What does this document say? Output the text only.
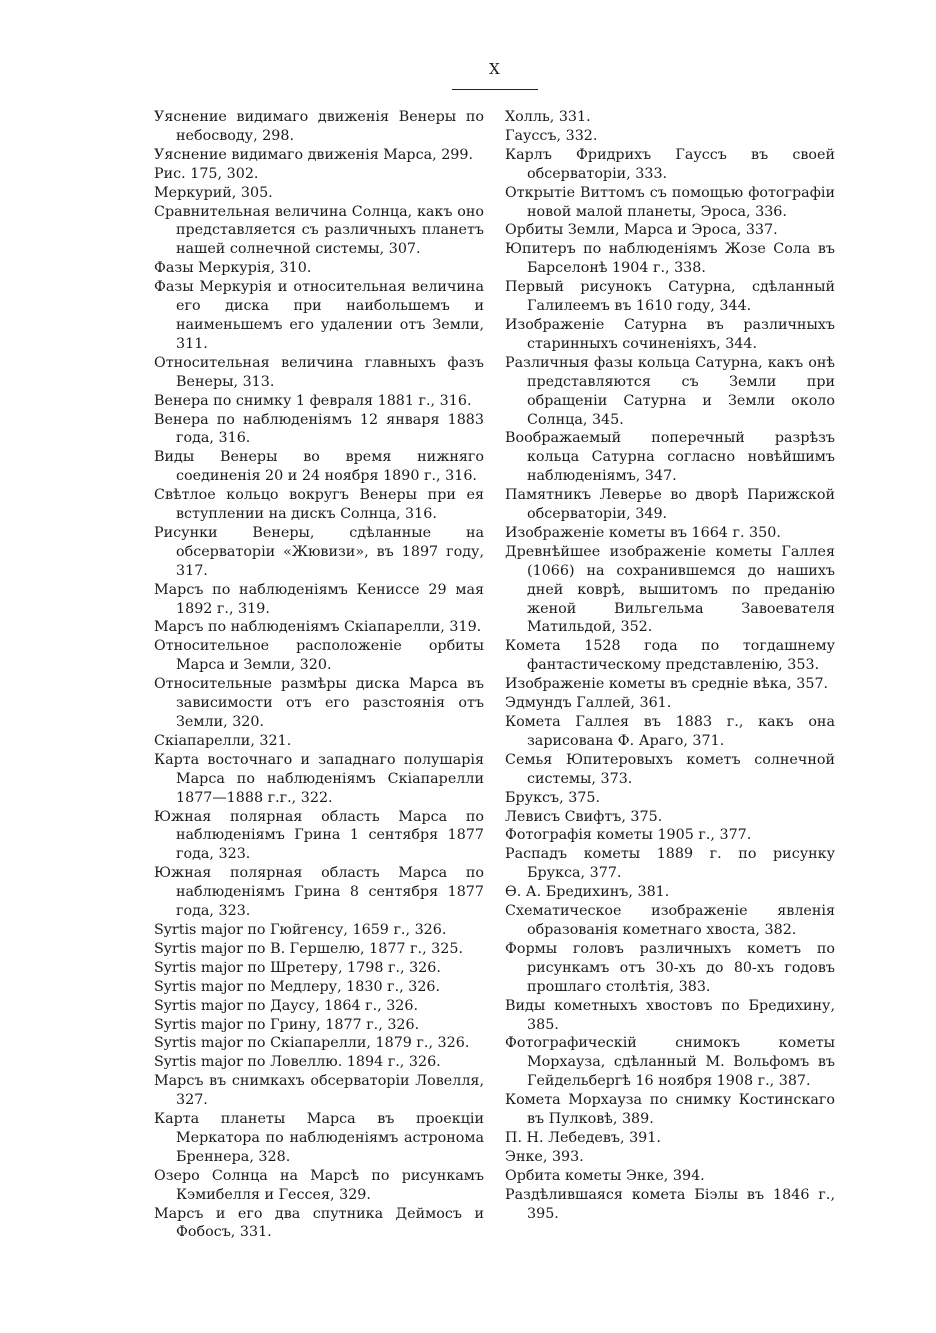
X

Уяснение видимаго движенія Венеры по небосводу, 298.

Уяснение видимаго движенія Марса, 299.

Рис. 175, 302.

Меркурий, 305.

Сравнительная величина Солнца, какъ оно представляется съ различныхъ планетъ нашей солнечной системы, 307.

Фазы Меркурія, 310.

Фазы Меркурія и относительная величина его диска при наибольшемъ и наименьшемъ его удалении отъ Земли, 311.

Относительная величина главныхъ фазъ Венеры, 313.

Венера по снимку 1 февраля 1881 г., 316.

Венера по наблюденіямъ 12 января 1883 года, 316.

Виды Венеры во время нижняго соединенія 20 и 24 ноября 1890 г., 316.

Свѣтлое кольцо вокругъ Венеры при ея вступлении на дискъ Солнца, 316.

Рисунки Венеры, сдѣланные на обсерваторіи «Жювизи», въ 1897 году, 317.

Марсъ по наблюденіямъ Кениссе 29 мая 1892 г., 319.

Марсъ по наблюденіямъ Скіапарелли, 319.

Относительное расположеніе орбиты Марса и Земли, 320.

Относительные размѣры диска Марса въ зависимости отъ его разстоянія отъ Земли, 320.

Скіапарелли, 321.

Карта восточнаго и западнаго полушарія Марса по наблюденіямъ Скіапарелли 1877—1888 г.г., 322.

Южная полярная область Марса по наблюденіямъ Грина 1 сентября 1877 года, 323.

Южная полярная область Марса по наблюденіямъ Грина 8 сентября 1877 года, 323.

Syrtis major по Гюйгенсу, 1659 г., 326.

Syrtis major по В. Гершелю, 1877 г., 325.

Syrtis major по Шретеру, 1798 г., 326.

Syrtis major по Медлеру, 1830 г., 326.

Syrtis major по Даусу, 1864 г., 326.

Syrtis major по Грину, 1877 г., 326.

Syrtis major по Скіапарелли, 1879 г., 326.

Syrtis major по Ловеллю. 1894 г., 326.

Марсъ въ снимкахъ обсерваторіи Ловелля, 327.

Карта планеты Марса въ проекціи Меркатора по наблюденіямъ астронома Бреннера, 328.

Озеро Солнца на Марсѣ по рисункамъ Кэмибелля и Гессея, 329.

Марсъ и его два спутника Деймосъ и Фобосъ, 331.

Холль, 331.

Гауссъ, 332.

Карлъ Фридрихъ Гауссъ въ своей обсерваторіи, 333.

Открытіе Виттомъ съ помощью фотографіи новой малой планеты, Эроса, 336.

Орбиты Земли, Марса и Эроса, 337.

Юпитеръ по наблюденіямъ Жозе Сола въ Барселонѣ 1904 г., 338.

Первый рисунокъ Сатурна, сдѣланный Галилеемъ въ 1610 году, 344.

Изображеніе Сатурна въ различныхъ старинныхъ сочиненіяхъ, 344.

Различныя фазы кольца Сатурна, какъ онѣ представляются съ Земли при обращеніи Сатурна и Земли около Солнца, 345.

Воображаемый поперечный разрѣзъ кольца Сатурна согласно новѣйшимъ наблюденіямъ, 347.

Памятникъ Леверье во дворѣ Парижской обсерваторіи, 349.

Изображеніе кометы въ 1664 г. 350.

Древнѣйшее изображеніе кометы Галлея (1066) на сохранившемся до нашихъ дней коврѣ, вышитомъ по преданію женой Вильгельма Завоевателя Матильдой, 352.

Комета 1528 года по тогдашнему фантастическому представленію, 353.

Изображеніе кометы въ средніе вѣка, 357.

Эдмундъ Галлей, 361.

Комета Галлея въ 1883 г., какъ она зарисована Ф. Араго, 371.

Семья Юпитеровыхъ кометъ солнечной системы, 373.

Бруксъ, 375.

Левисъ Свифтъ, 375.

Фотографія кометы 1905 г., 377.

Распадъ кометы 1889 г. по рисунку Брукса, 377.

Ѳ. А. Бредихинъ, 381.

Схематическое изображеніе явленія образованія кометнаго хвоста, 382.

Формы головъ различныхъ кометъ по рисункамъ отъ 30-хъ до 80-хъ годовъ прошлаго столѣтія, 383.

Виды кометныхъ хвостовъ по Бредихину, 385.

Фотографическій снимокъ кометы Морхауза, сдѣланный М. Вольфомъ въ Гейдельбергѣ 16 ноября 1908 г., 387.

Комета Морхауза по снимку Костинскаго въ Пулковѣ, 389.

П. Н. Лебедевъ, 391.

Энке, 393.

Орбита кометы Энке, 394.

Раздѣлившаяся комета Біэлы въ 1846 г., 395.
